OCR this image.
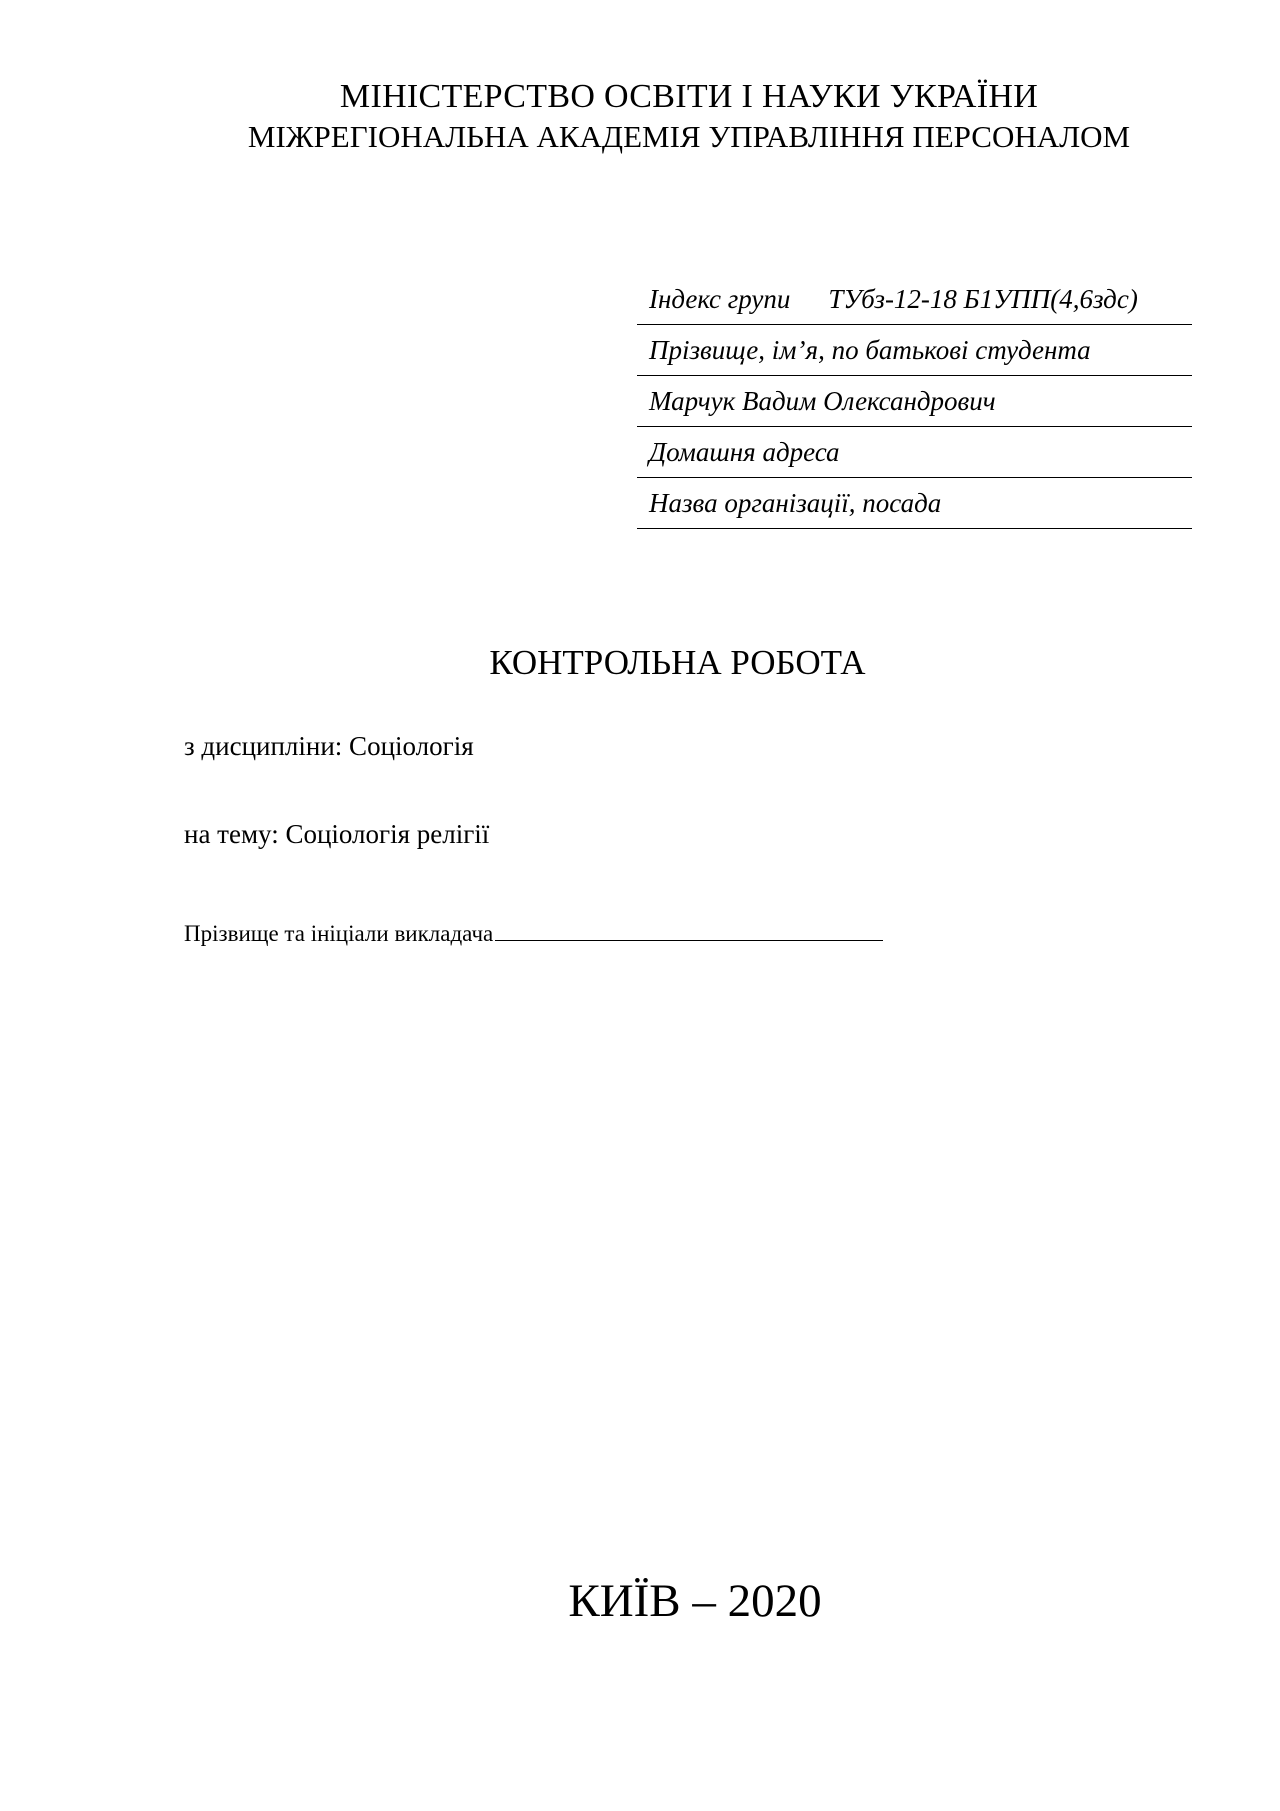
МІНІСТЕРСТВО ОСВІТИ І НАУКИ УКРАЇНИ

МІЖРЕГІОНАЛЬНА АКАДЕМІЯ УПРАВЛІННЯ ПЕРСОНАЛОМ

Індекс групи ТУбз-12-18 Б1УПП(4,6здс)
Прізвище, ім’я, по батькові студента
Марчук Вадим Олександрович
Домашня адреса
Назва організації, посада

КОНТРОЛЬНА РОБОТА

з дисципліни: Соціологія

на тему: Соціологія релігії

Прізвище та ініціали викладача

КИЇВ – 2020
